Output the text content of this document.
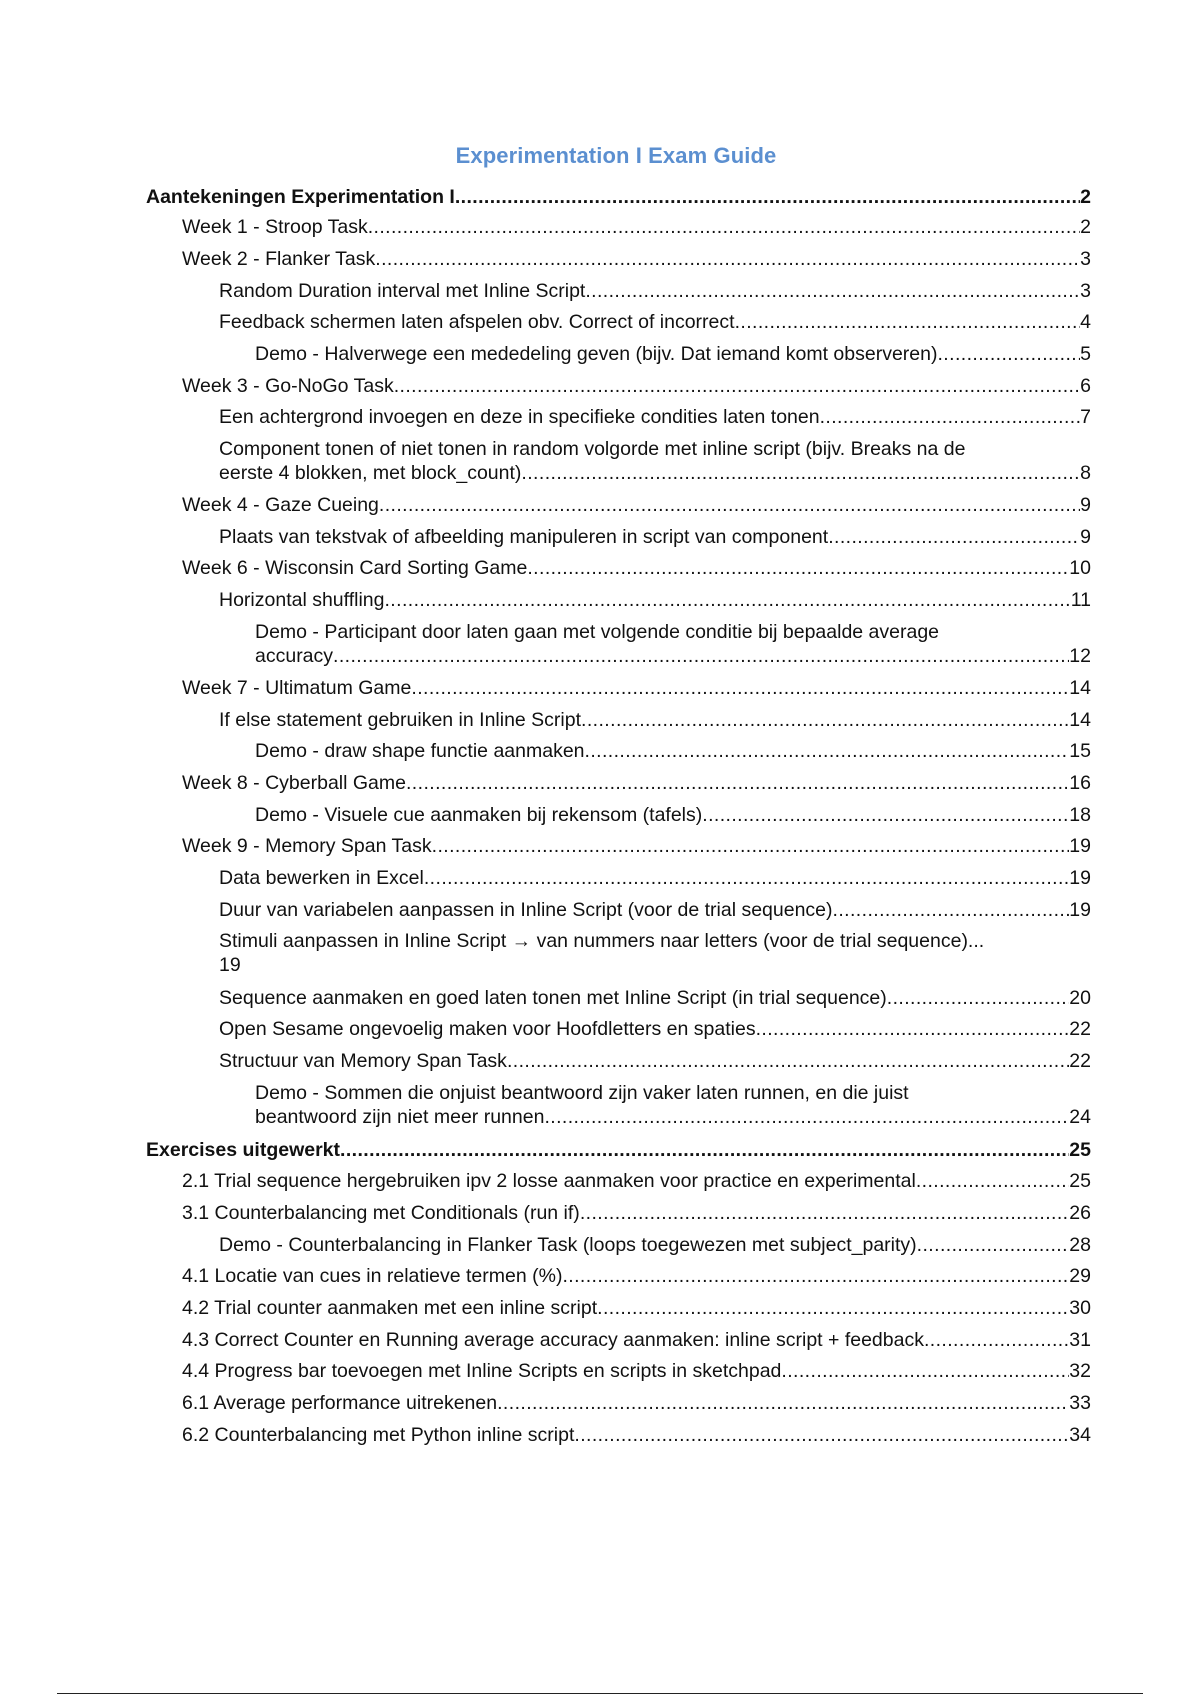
Experimentation I Exam Guide
Aantekeningen Experimentation I .....	2
Week 1 - Stroop Task .....	2
Week 2 - Flanker Task .....	3
Random Duration interval met Inline Script .....	3
Feedback schermen laten afspelen obv. Correct of incorrect .....	4
Demo - Halverwege een mededeling geven (bijv. Dat iemand komt observeren) .....	5
Week 3 - Go-NoGo Task .....	6
Een achtergrond invoegen en deze in specifieke condities laten tonen .....	7
Component tonen of niet tonen in random volgorde met inline script (bijv. Breaks na de
eerste 4 blokken, met block_count) .....	8
Week 4 - Gaze Cueing .....	9
Plaats van tekstvak of afbeelding manipuleren in script van component .....	9
Week 6 - Wisconsin Card Sorting Game .....	10
Horizontal shuffling .....	11
Demo - Participant door laten gaan met volgende conditie bij bepaalde average
accuracy .....	12
Week 7 - Ultimatum Game .....	14
If else statement gebruiken in Inline Script .....	14
Demo - draw shape functie aanmaken .....	15
Week 8 - Cyberball Game .....	16
Demo - Visuele cue aanmaken bij rekensom (tafels) .....	18
Week 9 - Memory Span Task .....	19
Data bewerken in Excel .....	19
Duur van variabelen aanpassen in Inline Script (voor de trial sequence) .....	19
Stimuli aanpassen in Inline Script → van nummers naar letters (voor de trial sequence)...
19
Sequence aanmaken en goed laten tonen met Inline Script (in trial sequence) .....	20
Open Sesame ongevoelig maken voor Hoofdletters en spaties .....	22
Structuur van Memory Span Task .....	22
Demo - Sommen die onjuist beantwoord zijn vaker laten runnen, en die juist
beantwoord zijn niet meer runnen .....	24
Exercises uitgewerkt .....	25
2.1 Trial sequence hergebruiken ipv 2 losse aanmaken voor practice en experimental .....	25
3.1 Counterbalancing met Conditionals (run if) .....	26
Demo - Counterbalancing in Flanker Task (loops toegewezen met subject_parity) .....	28
4.1 Locatie van cues in relatieve termen (%) .....	29
4.2 Trial counter aanmaken met een inline script .....	30
4.3 Correct Counter en Running average accuracy aanmaken: inline script + feedback .....	31
4.4 Progress bar toevoegen met Inline Scripts en scripts in sketchpad .....	32
6.1 Average performance uitrekenen .....	33
6.2 Counterbalancing met Python inline script .....	34
